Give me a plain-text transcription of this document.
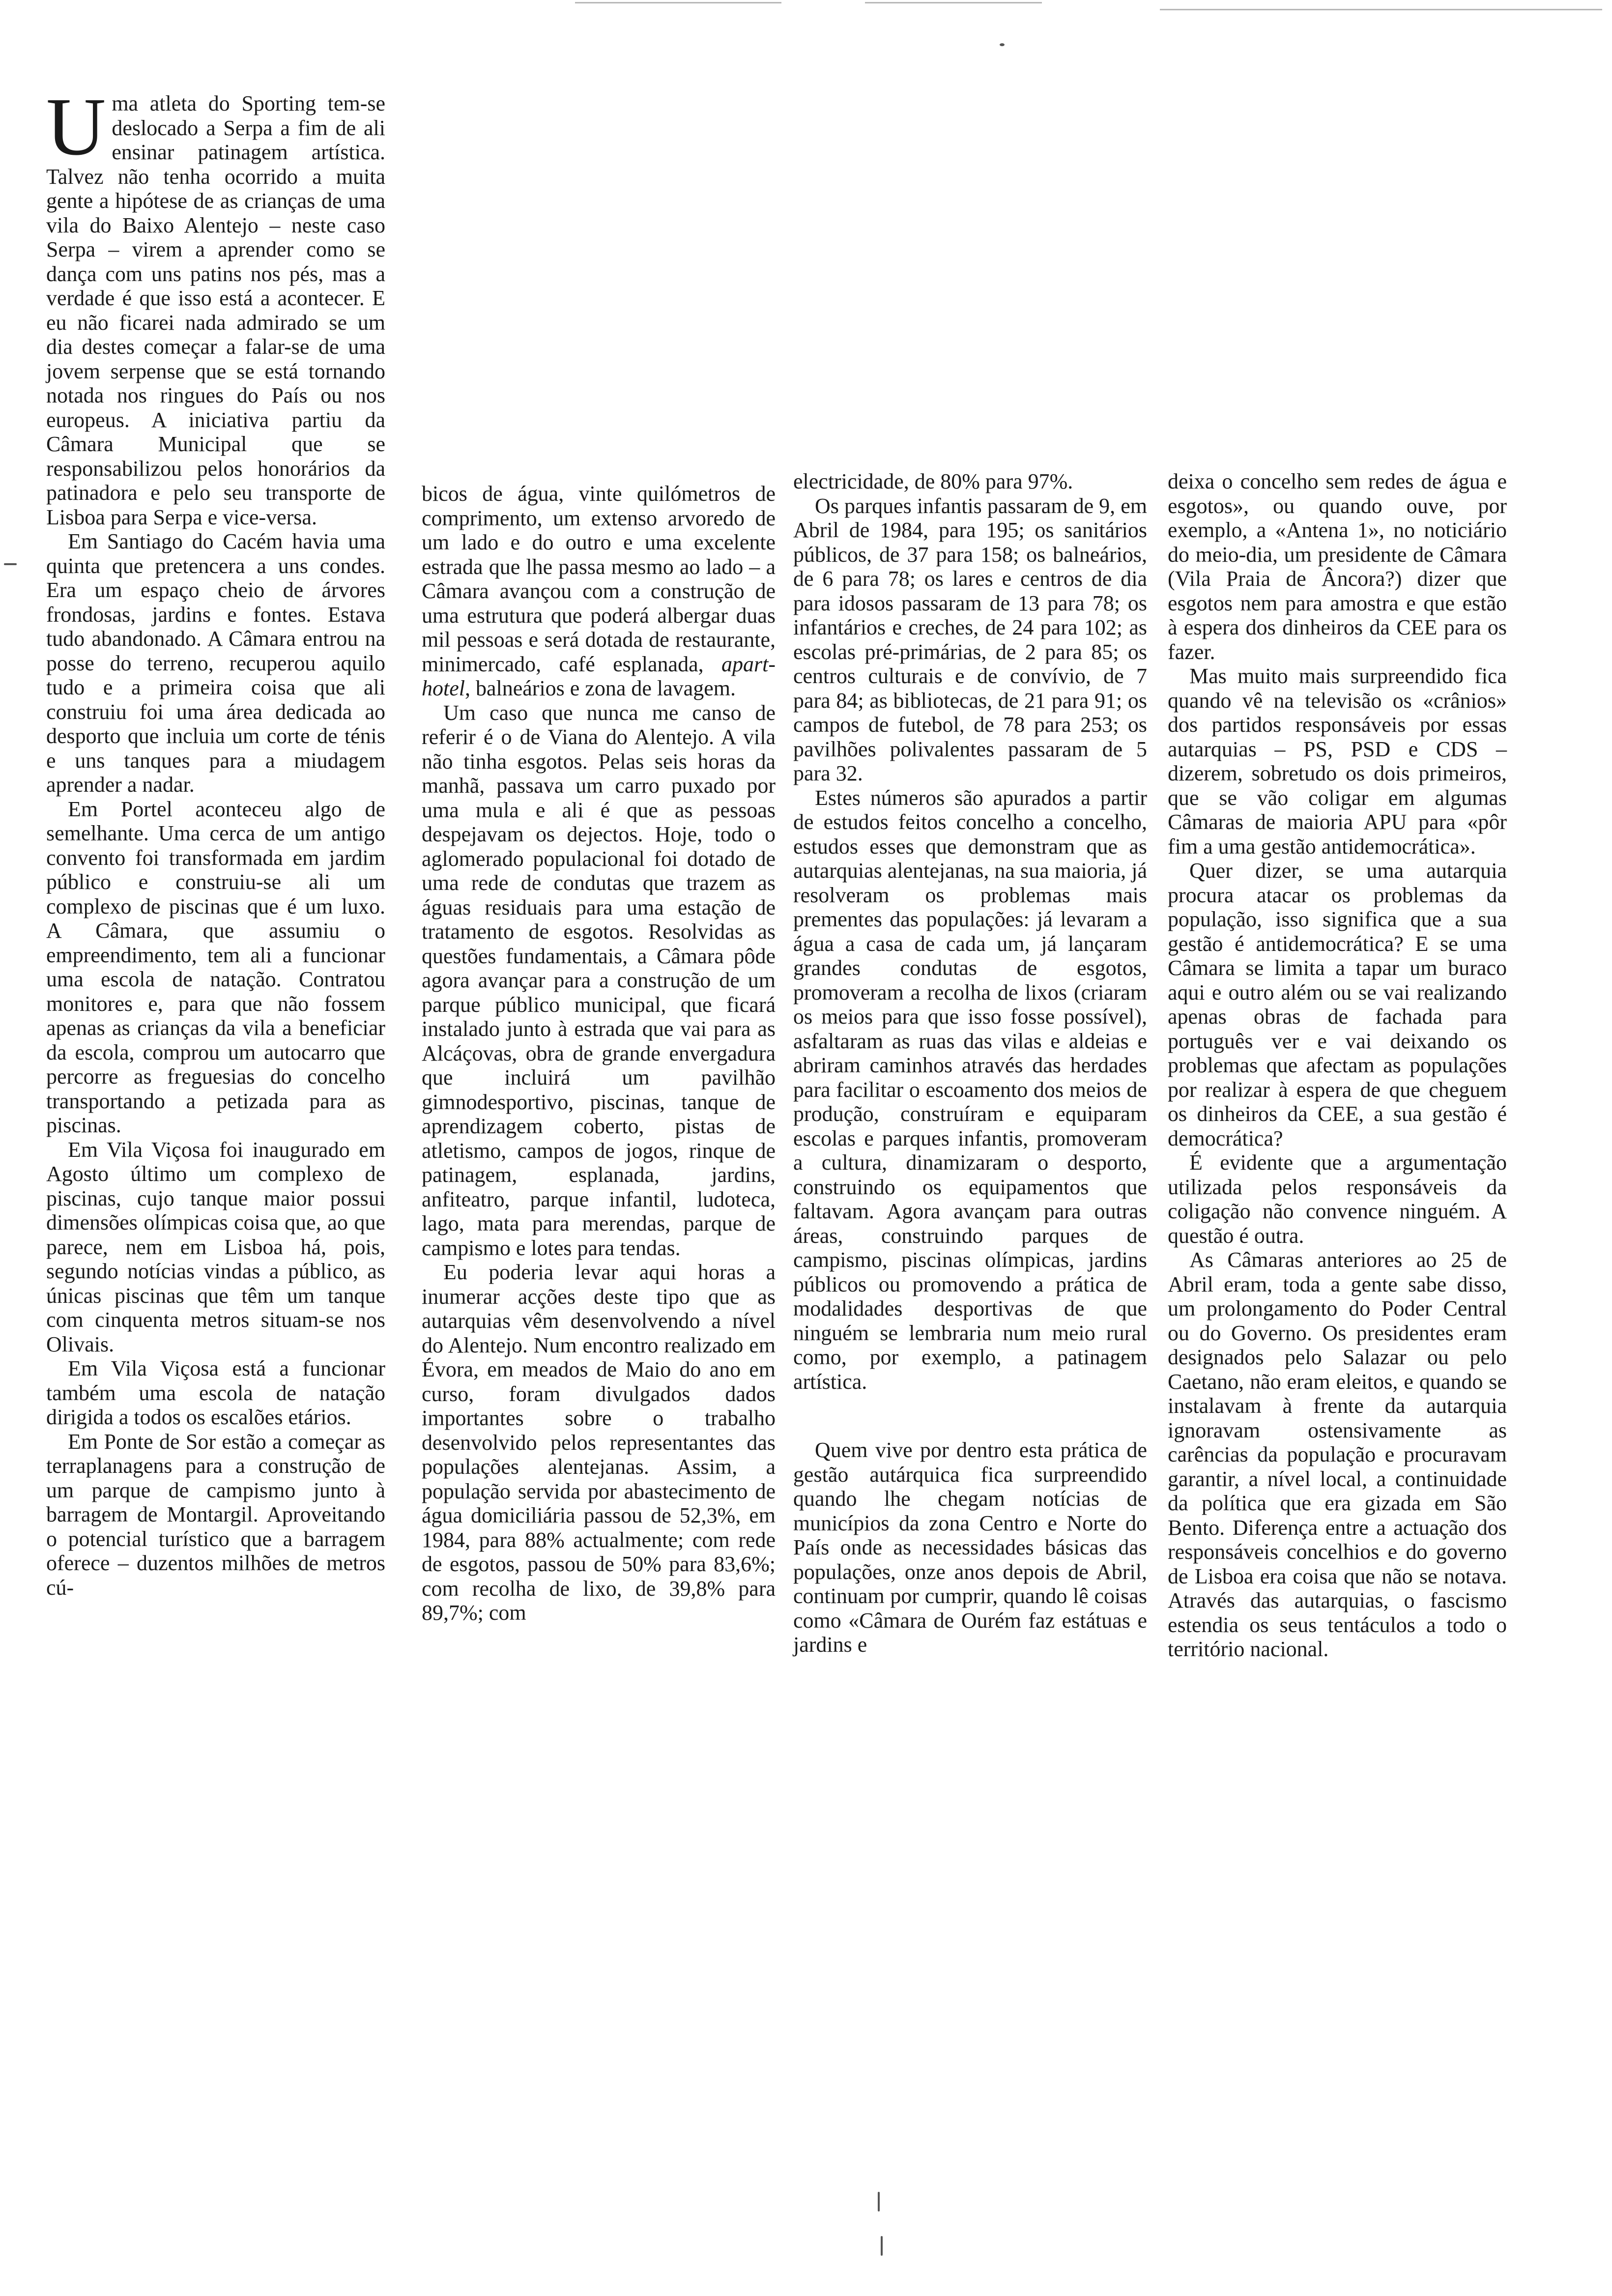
Uma atleta do Sporting tem-se deslocado a Serpa a fim de ali ensinar patinagem artística. Talvez não tenha ocorrido a muita gente a hipótese de as crianças de uma vila do Baixo Alentejo – neste caso Serpa – virem a aprender como se dança com uns patins nos pés, mas a verdade é que isso está a acontecer. E eu não ficarei nada admirado se um dia destes começar a falar-se de uma jovem serpense que se está tornando notada nos ringues do País ou nos europeus. A iniciativa partiu da Câmara Municipal que se responsabilizou pelos honorários da patinadora e pelo seu transporte de Lisboa para Serpa e vice-versa.

Em Santiago do Cacém havia uma quinta que pretencera a uns condes. Era um espaço cheio de árvores frondosas, jardins e fontes. Estava tudo abandonado. A Câmara entrou na posse do terreno, recuperou aquilo tudo e a primeira coisa que ali construiu foi uma área dedicada ao desporto que incluia um corte de ténis e uns tanques para a miudagem aprender a nadar.

Em Portel aconteceu algo de semelhante. Uma cerca de um antigo convento foi transformada em jardim público e construiu-se ali um complexo de piscinas que é um luxo. A Câmara, que assumiu o empreendimento, tem ali a funcionar uma escola de natação. Contratou monitores e, para que não fossem apenas as crianças da vila a beneficiar da escola, comprou um autocarro que percorre as freguesias do concelho transportando a petizada para as piscinas.

Em Vila Viçosa foi inaugurado em Agosto último um complexo de piscinas, cujo tanque maior possui dimensões olímpicas coisa que, ao que parece, nem em Lisboa há, pois, segundo notícias vindas a público, as únicas piscinas que têm um tanque com cinquenta metros situam-se nos Olivais.

Em Vila Viçosa está a funcionar também uma escola de natação dirigida a todos os escalões etários.

Em Ponte de Sor estão a começar as terraplanagens para a construção de um parque de campismo junto à barragem de Montargil. Aproveitando o potencial turístico que a barragem oferece – duzentos milhões de metros cú-

bicos de água, vinte quilómetros de comprimento, um extenso arvoredo de um lado e do outro e uma excelente estrada que lhe passa mesmo ao lado – a Câmara avançou com a construção de uma estrutura que poderá albergar duas mil pessoas e será dotada de restaurante, minimercado, café esplanada, apart-hotel, balneários e zona de lavagem.

Um caso que nunca me canso de referir é o de Viana do Alentejo. A vila não tinha esgotos. Pelas seis horas da manhã, passava um carro puxado por uma mula e ali é que as pessoas despejavam os dejectos. Hoje, todo o aglomerado populacional foi dotado de uma rede de condutas que trazem as águas residuais para uma estação de tratamento de esgotos. Resolvidas as questões fundamentais, a Câmara pôde agora avançar para a construção de um parque público municipal, que ficará instalado junto à estrada que vai para as Alcáçovas, obra de grande envergadura que incluirá um pavilhão gimnodesportivo, piscinas, tanque de aprendizagem coberto, pistas de atletismo, campos de jogos, rinque de patinagem, esplanada, jardins, anfiteatro, parque infantil, ludoteca, lago, mata para merendas, parque de campismo e lotes para tendas.

Eu poderia levar aqui horas a inumerar acções deste tipo que as autarquias vêm desenvolvendo a nível do Alentejo. Num encontro realizado em Évora, em meados de Maio do ano em curso, foram divulgados dados importantes sobre o trabalho desenvolvido pelos representantes das populações alentejanas. Assim, a população servida por abastecimento de água domiciliária passou de 52,3%, em 1984, para 88% actualmente; com rede de esgotos, passou de 50% para 83,6%; com recolha de lixo, de 39,8% para 89,7%; com

electricidade, de 80% para 97%.

Os parques infantis passaram de 9, em Abril de 1984, para 195; os sanitários públicos, de 37 para 158; os balneários, de 6 para 78; os lares e centros de dia para idosos passaram de 13 para 78; os infantários e creches, de 24 para 102; as escolas pré-primárias, de 2 para 85; os centros culturais e de convívio, de 7 para 84; as bibliotecas, de 21 para 91; os campos de futebol, de 78 para 253; os pavilhões polivalentes passaram de 5 para 32.

Estes números são apurados a partir de estudos feitos concelho a concelho, estudos esses que demonstram que as autarquias alentejanas, na sua maioria, já resolveram os problemas mais prementes das populações: já levaram a água a casa de cada um, já lançaram grandes condutas de esgotos, promoveram a recolha de lixos (criaram os meios para que isso fosse possível), asfaltaram as ruas das vilas e aldeias e abriram caminhos através das herdades para facilitar o escoamento dos meios de produção, construíram e equiparam escolas e parques infantis, promoveram a cultura, dinamizaram o desporto, construindo os equipamentos que faltavam. Agora avançam para outras áreas, construindo parques de campismo, piscinas olímpicas, jardins públicos ou promovendo a prática de modalidades desportivas de que ninguém se lembraria num meio rural como, por exemplo, a patinagem artística.

Quem vive por dentro esta prática de gestão autárquica fica surpreendido quando lhe chegam notícias de municípios da zona Centro e Norte do País onde as necessidades básicas das populações, onze anos depois de Abril, continuam por cumprir, quando lê coisas como «Câmara de Ourém faz estátuas e jardins e

deixa o concelho sem redes de água e esgotos», ou quando ouve, por exemplo, a «Antena 1», no noticiário do meio-dia, um presidente de Câmara (Vila Praia de Âncora?) dizer que esgotos nem para amostra e que estão à espera dos dinheiros da CEE para os fazer.

Mas muito mais surpreendido fica quando vê na televisão os «crânios» dos partidos responsáveis por essas autarquias – PS, PSD e CDS – dizerem, sobretudo os dois primeiros, que se vão coligar em algumas Câmaras de maioria APU para «pôr fim a uma gestão antidemocrática».

Quer dizer, se uma autarquia procura atacar os problemas da população, isso significa que a sua gestão é antidemocrática? E se uma Câmara se limita a tapar um buraco aqui e outro além ou se vai realizando apenas obras de fachada para português ver e vai deixando os problemas que afectam as populações por realizar à espera de que cheguem os dinheiros da CEE, a sua gestão é democrática?

É evidente que a argumentação utilizada pelos responsáveis da coligação não convence ninguém. A questão é outra.

As Câmaras anteriores ao 25 de Abril eram, toda a gente sabe disso, um prolongamento do Poder Central ou do Governo. Os presidentes eram designados pelo Salazar ou pelo Caetano, não eram eleitos, e quando se instalavam à frente da autarquia ignoravam ostensivamente as carências da população e procuravam garantir, a nível local, a continuidade da política que era gizada em São Bento. Diferença entre a actuação dos responsáveis concelhios e do governo de Lisboa era coisa que não se notava. Através das autarquias, o fascismo estendia os seus tentáculos a todo o território nacional.
